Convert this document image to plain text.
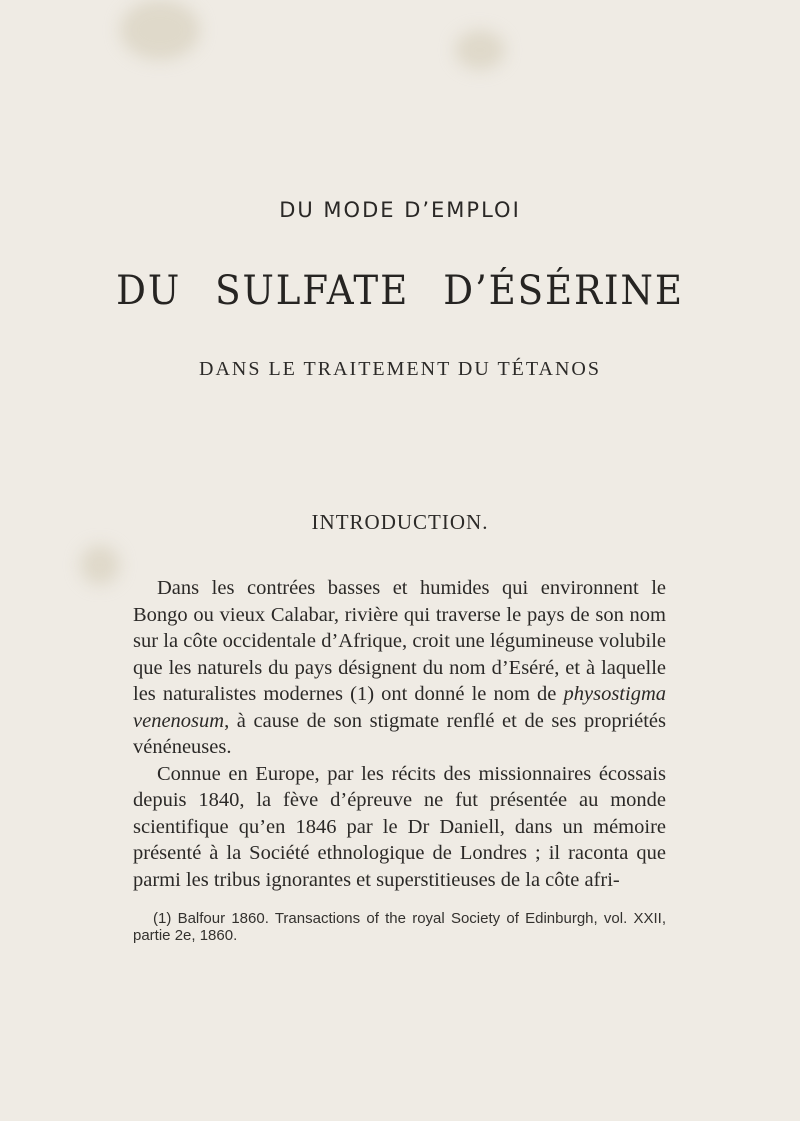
DU MODE D’EMPLOI
DU SULFATE D’ÉSÉRINE
DANS LE TRAITEMENT DU TÉTANOS
INTRODUCTION.

Dans les contrées basses et humides qui environnent le Bongo ou vieux Calabar, rivière qui traverse le pays de son nom sur la côte occidentale d’Afrique, croit une légumineuse volubile que les naturels du pays désignent du nom d’Eséré, et à laquelle les naturalistes modernes (1) ont donné le nom de physostigma venenosum, à cause de son stigmate renflé et de ses propriétés vénéneuses.

Connue en Europe, par les récits des missionnaires écossais depuis 1840, la fève d’épreuve ne fut présentée au monde scientifique qu’en 1846 par le Dr Daniell, dans un mémoire présenté à la Société ethnologique de Londres ; il raconta que parmi les tribus ignorantes et superstitieuses de la côte afri-

(1) Balfour 1860. Transactions of the royal Society of Edinburgh, vol. XXII, partie 2e, 1860.
